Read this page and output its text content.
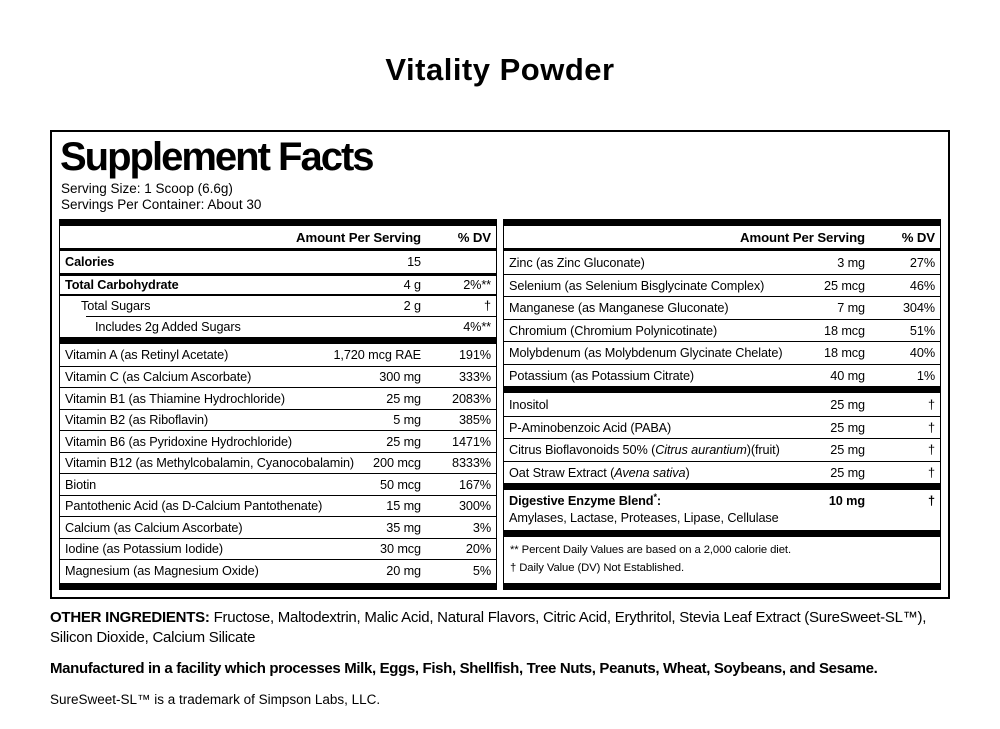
Vitality Powder
Supplement Facts
Serving Size: 1 Scoop (6.6g)
Servings Per Container: About 30
Amount Per Serving	% DV
Calories	15
Total Carbohydrate	4 g	2%**
Total Sugars	2 g	†
Includes 2g Added Sugars	4%**
Vitamin A (as Retinyl Acetate)	1,720 mcg RAE	191%
Vitamin C (as Calcium Ascorbate)	300 mg	333%
Vitamin B1 (as Thiamine Hydrochloride)	25 mg	2083%
Vitamin B2 (as Riboflavin)	5 mg	385%
Vitamin B6 (as Pyridoxine Hydrochloride)	25 mg	1471%
Vitamin B12 (as Methylcobalamin, Cyanocobalamin)	200 mcg	8333%
Biotin	50 mcg	167%
Pantothenic Acid (as D-Calcium Pantothenate)	15 mg	300%
Calcium (as Calcium Ascorbate)	35 mg	3%
Iodine (as Potassium Iodide)	30 mcg	20%
Magnesium (as Magnesium Oxide)	20 mg	5%
Amount Per Serving	% DV
Zinc (as Zinc Gluconate)	3 mg	27%
Selenium (as Selenium Bisglycinate Complex)	25 mcg	46%
Manganese (as Manganese Gluconate)	7 mg	304%
Chromium (Chromium Polynicotinate)	18 mcg	51%
Molybdenum (as Molybdenum Glycinate Chelate)	18 mcg	40%
Potassium (as Potassium Citrate)	40 mg	1%
Inositol	25 mg	†
P-Aminobenzoic Acid (PABA)	25 mg	†
Citrus Bioflavonoids 50% (Citrus aurantium)(fruit)	25 mg	†
Oat Straw Extract (Avena sativa)	25 mg	†
Digestive Enzyme Blend*:	10 mg	†
Amylases, Lactase, Proteases, Lipase, Cellulase
** Percent Daily Values are based on a 2,000 calorie diet.
† Daily Value (DV) Not Established.

OTHER INGREDIENTS: Fructose, Maltodextrin, Malic Acid, Natural Flavors, Citric Acid, Erythritol, Stevia Leaf Extract (SureSweet-SL™), Silicon Dioxide, Calcium Silicate

Manufactured in a facility which processes Milk, Eggs, Fish, Shellfish, Tree Nuts, Peanuts, Wheat, Soybeans, and Sesame.

SureSweet-SL™ is a trademark of Simpson Labs, LLC.
